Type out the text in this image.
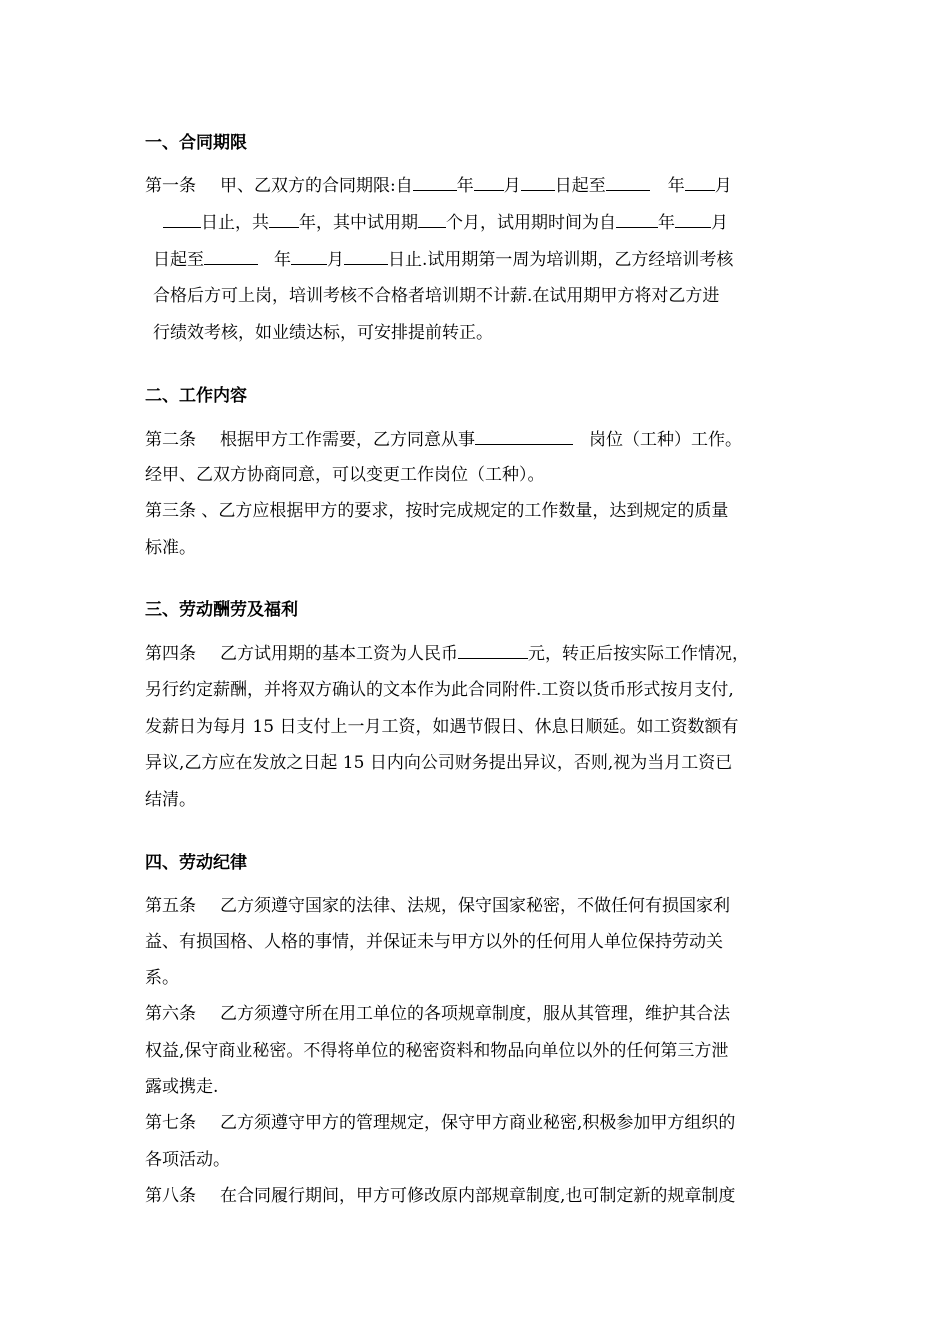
一、合同期限
第一条 甲、乙双方的合同期限:自	年 月 日起至	年 月
日止，共 年，其中试用期 个月，试用期时间为自 年 月
日起至	年 月	日止.试用期第一周为培训期，乙方经培训考核
合格后方可上岗，培训考核不合格者培训期不计薪.在试用期甲方将对乙方进
行绩效考核，如业绩达标，可安排提前转正。
二、工作内容
第二条 根据甲方工作需要，乙方同意从事	岗位（工种）工作。
经甲、乙双方协商同意，可以变更工作岗位（工种）。
第三条 、乙方应根据甲方的要求，按时完成规定的工作数量，达到规定的质量
标准。
三、劳动酬劳及福利
第四条 乙方试用期的基本工资为人民币	元，转正后按实际工作情况，
另行约定薪酬，并将双方确认的文本作为此合同附件.工资以货币形式按月支付,
发薪日为每月 15 日支付上一月工资，如遇节假日、休息日顺延。如工资数额有
异议,乙方应在发放之日起 15 日内向公司财务提出异议，否则,视为当月工资已
结清。
四、劳动纪律
第五条 乙方须遵守国家的法律、法规，保守国家秘密，不做任何有损国家利
益、有损国格、人格的事情，并保证未与甲方以外的任何用人单位保持劳动关
系。
第六条 乙方须遵守所在用工单位的各项规章制度，服从其管理，维护其合法
权益,保守商业秘密。不得将单位的秘密资料和物品向单位以外的任何第三方泄
露或携走.
第七条 乙方须遵守甲方的管理规定，保守甲方商业秘密,积极参加甲方组织的
各项活动。
第八条 在合同履行期间，甲方可修改原内部规章制度,也可制定新的规章制度
